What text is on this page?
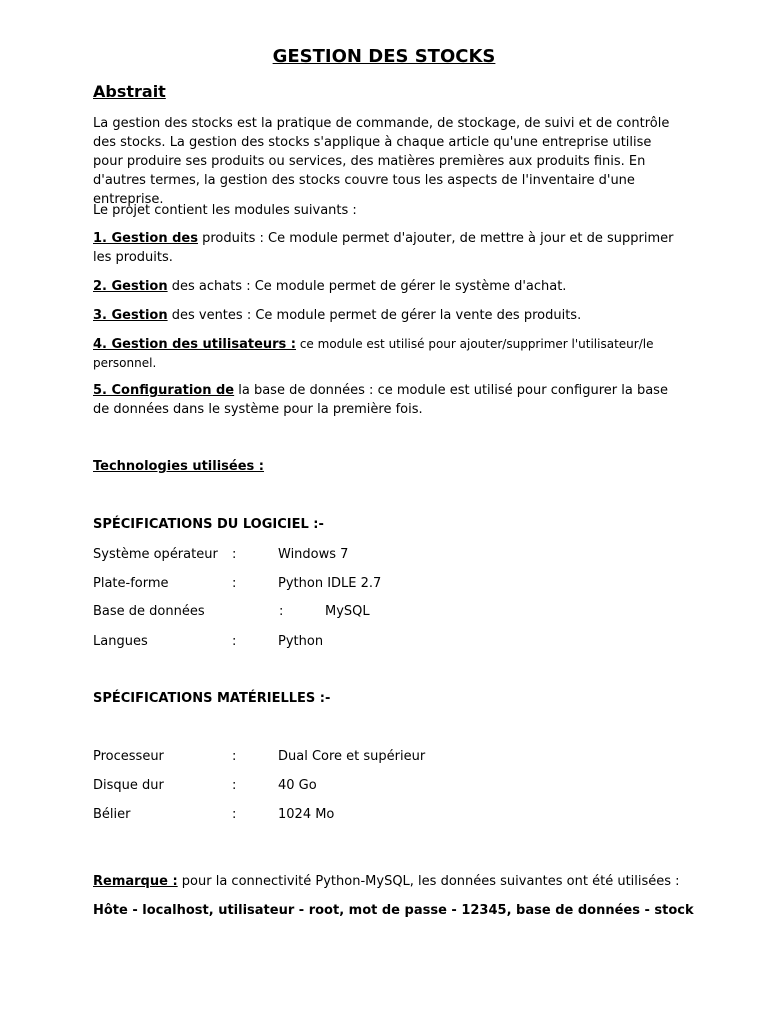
GESTION DES STOCKS
Abstrait
La gestion des stocks est la pratique de commande, de stockage, de suivi et de contrôle des stocks. La gestion des stocks s'applique à chaque article qu'une entreprise utilise pour produire ses produits ou services, des matières premières aux produits finis. En d'autres termes, la gestion des stocks couvre tous les aspects de l'inventaire d'une entreprise.
Le projet contient les modules suivants :
1. Gestion des produits : Ce module permet d'ajouter, de mettre à jour et de supprimer les produits.
2. Gestion des achats : Ce module permet de gérer le système d'achat.
3. Gestion des ventes : Ce module permet de gérer la vente des produits.
4. Gestion des utilisateurs : ce module est utilisé pour ajouter/supprimer l'utilisateur/le personnel.
5. Configuration de la base de données : ce module est utilisé pour configurer la base de données dans le système pour la première fois.
Technologies utilisées :
SPÉCIFICATIONS DU LOGICIEL :-
Système opérateur :	Windows 7
Plate-forme	:	Python IDLE 2.7
Base de données	:	MySQL
Langues	:	Python
SPÉCIFICATIONS MATÉRIELLES :-
Processeur	:	Dual Core et supérieur
Disque dur	:	40 Go
Bélier	:	1024 Mo
Remarque : pour la connectivité Python-MySQL, les données suivantes ont été utilisées :
Hôte - localhost, utilisateur - root, mot de passe - 12345, base de données - stock
